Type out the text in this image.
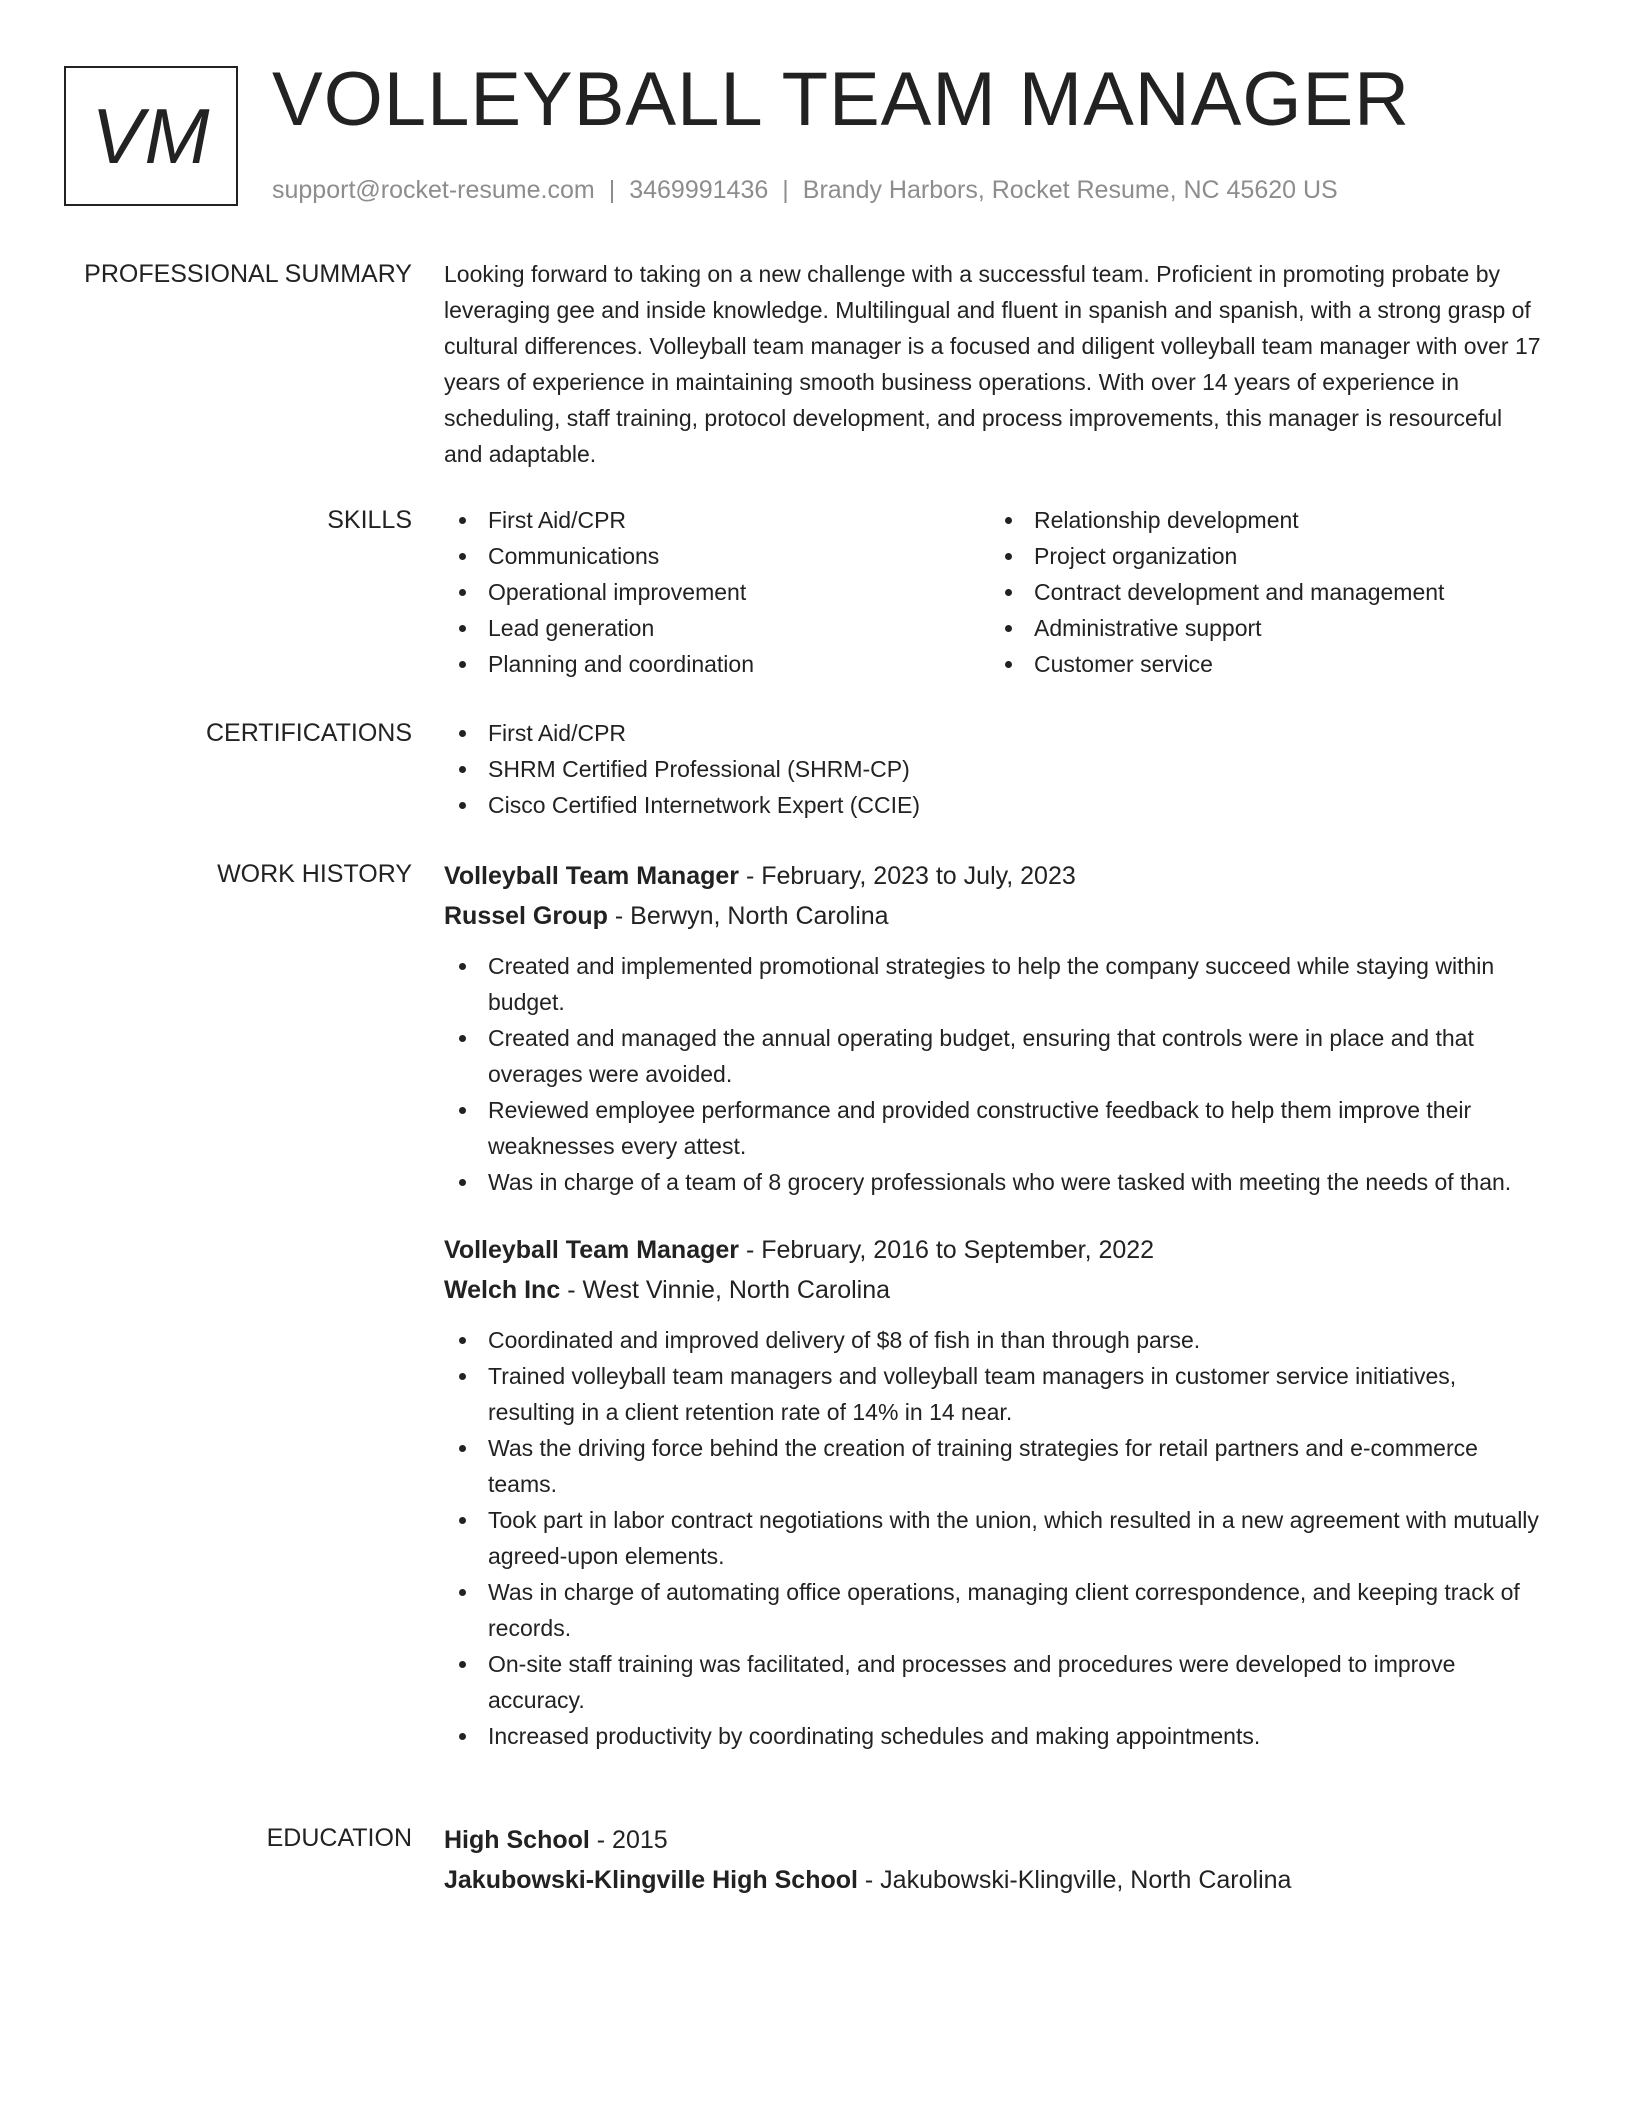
VM VOLLEYBALL TEAM MANAGER
support@rocket-resume.com | 3469991436 | Brandy Harbors, Rocket Resume, NC 45620 US
PROFESSIONAL SUMMARY Looking forward to taking on a new challenge with a successful team. Proficient in promoting probate by leveraging gee and inside knowledge. Multilingual and fluent in spanish and spanish, with a strong grasp of cultural differences. Volleyball team manager is a focused and diligent volleyball team manager with over 17 years of experience in maintaining smooth business operations. With over 14 years of experience in scheduling, staff training, protocol development, and process improvements, this manager is resourceful and adaptable.

SKILLS	First Aid/CPR
Communications
Operational improvement
Lead generation
Planning and coordination
Relationship development
Project organization
Contract development and management
Administrative support
Customer service
CERTIFICATIONS	First Aid/CPR
SHRM Certified Professional (SHRM-CP)
Cisco Certified Internetwork Expert (CCIE)
WORK HISTORY Volleyball Team Manager - February, 2023 to July, 2023
Russel Group - Berwyn, North Carolina
Created and implemented promotional strategies to help the company succeed while staying within budget.
Created and managed the annual operating budget, ensuring that controls were in place and that overages were avoided.
Reviewed employee performance and provided constructive feedback to help them improve their weaknesses every attest.
Was in charge of a team of 8 grocery professionals who were tasked with meeting the needs of than.
Volleyball Team Manager - February, 2016 to September, 2022
Welch Inc - West Vinnie, North Carolina
Coordinated and improved delivery of $8 of fish in than through parse.
Trained volleyball team managers and volleyball team managers in customer service initiatives, resulting in a client retention rate of 14% in 14 near.
Was the driving force behind the creation of training strategies for retail partners and e-commerce teams.
Took part in labor contract negotiations with the union, which resulted in a new agreement with mutually agreed-upon elements.
Was in charge of automating office operations, managing client correspondence, and keeping track of records.
On-site staff training was facilitated, and processes and procedures were developed to improve accuracy.
Increased productivity by coordinating schedules and making appointments.
EDUCATION High School - 2015
Jakubowski-Klingville High School - Jakubowski-Klingville, North Carolina
